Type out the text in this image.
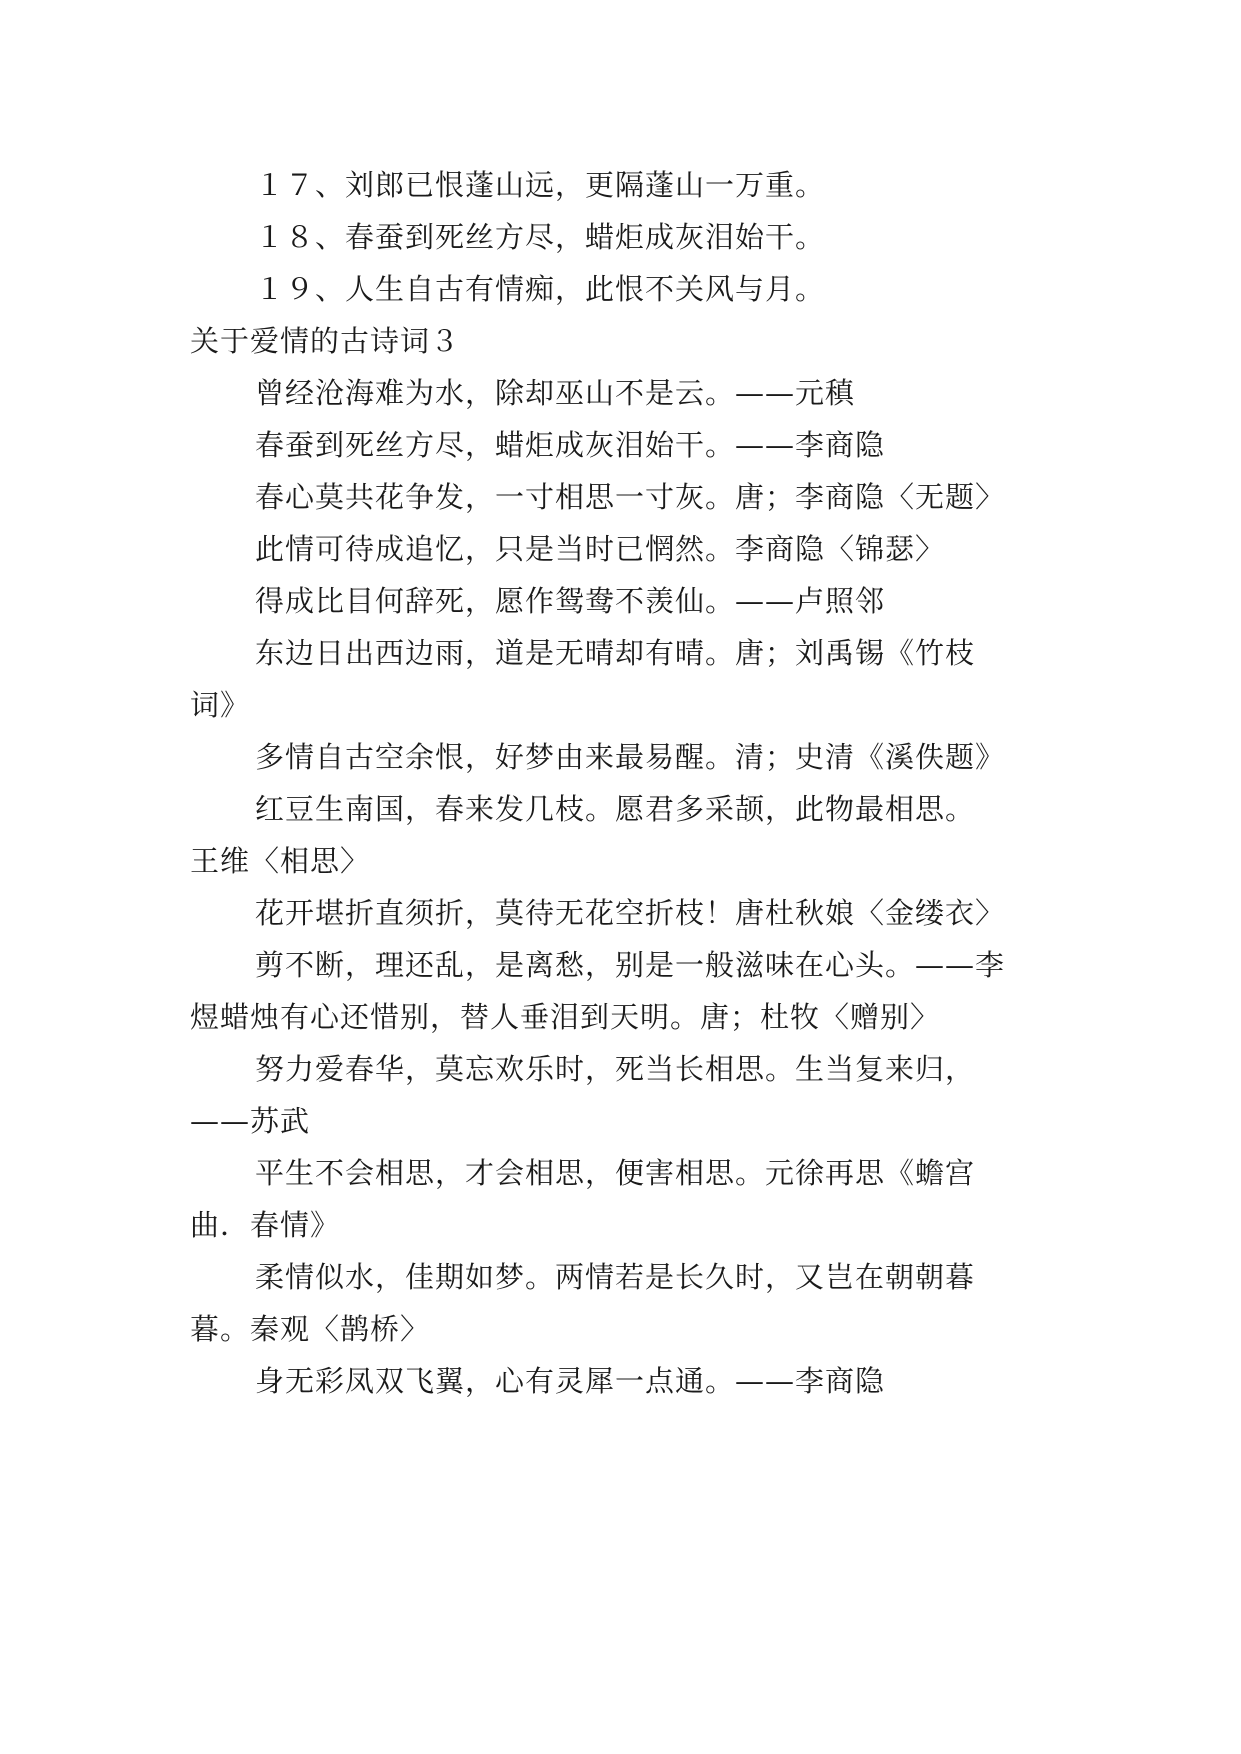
１７、刘郎已恨蓬山远，更隔蓬山一万重。
１８、春蚕到死丝方尽，蜡炬成灰泪始干。
１９、人生自古有情痴，此恨不关风与月。
关于爱情的古诗词３
曾经沧海难为水，除却巫山不是云。——元稹
春蚕到死丝方尽，蜡炬成灰泪始干。——李商隐
春心莫共花争发，一寸相思一寸灰。唐；李商隐〈无题〉
此情可待成追忆，只是当时已惘然。李商隐〈锦瑟〉
得成比目何辞死，愿作鸳鸯不羡仙。——卢照邻
东边日出西边雨，道是无晴却有晴。唐；刘禹锡《竹枝
词》
多情自古空余恨，好梦由来最易醒。清；史清《溪佚题》
红豆生南国，春来发几枝。愿君多采颉，此物最相思。
王维〈相思〉
花开堪折直须折，莫待无花空折枝！唐杜秋娘〈金缕衣〉
剪不断，理还乱，是离愁，别是一般滋味在心头。——李
煜蜡烛有心还惜别，替人垂泪到天明。唐；杜牧〈赠别〉
努力爱春华，莫忘欢乐时，死当长相思。生当复来归，
——苏武
平生不会相思，才会相思，便害相思。元徐再思《蟾宫
曲．春情》
柔情似水，佳期如梦。两情若是长久时，又岂在朝朝暮
暮。秦观〈鹊桥〉
身无彩凤双飞翼，心有灵犀一点通。——李商隐
